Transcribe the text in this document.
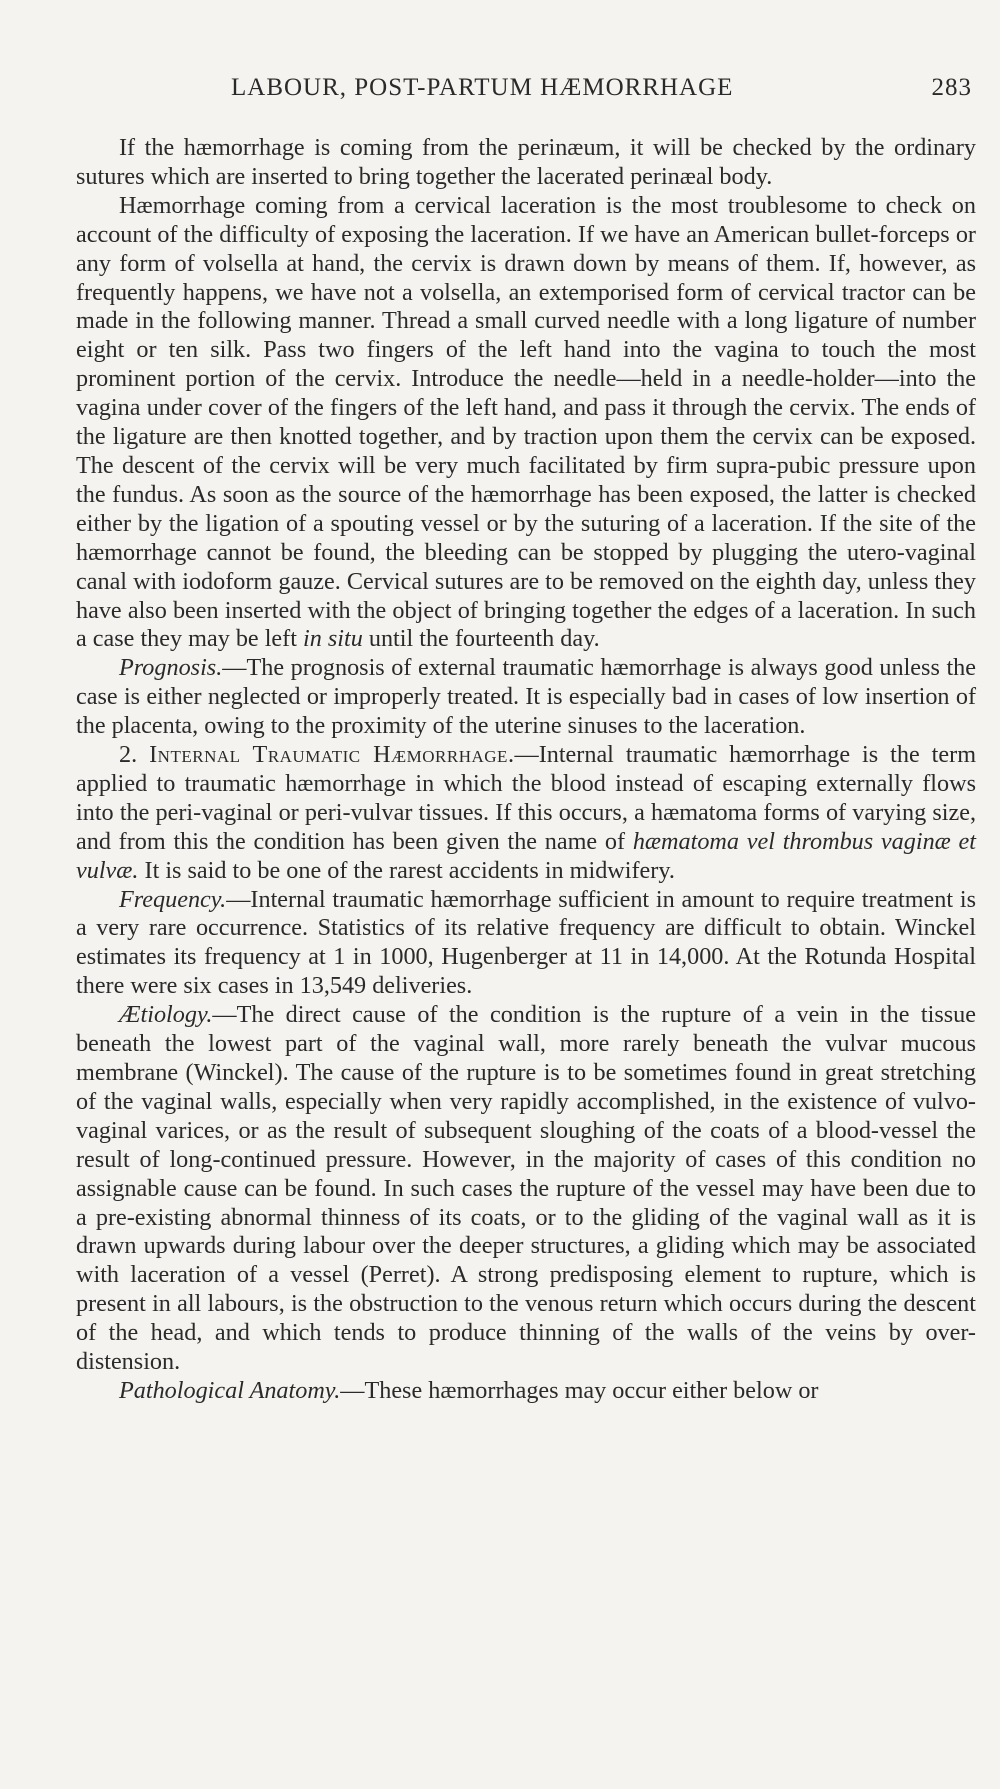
LABOUR, POST-PARTUM HÆMORRHAGE	283

If the hæmorrhage is coming from the perinæum, it will be checked by the ordinary sutures which are inserted to bring together the lacerated perinæal body.

Hæmorrhage coming from a cervical laceration is the most troublesome to check on account of the difficulty of exposing the laceration. If we have an American bullet-forceps or any form of volsella at hand, the cervix is drawn down by means of them. If, however, as frequently happens, we have not a volsella, an extemporised form of cervical tractor can be made in the following manner. Thread a small curved needle with a long ligature of number eight or ten silk. Pass two fingers of the left hand into the vagina to touch the most prominent portion of the cervix. Introduce the needle—held in a needle-holder—into the vagina under cover of the fingers of the left hand, and pass it through the cervix. The ends of the ligature are then knotted together, and by traction upon them the cervix can be exposed. The descent of the cervix will be very much facilitated by firm supra-pubic pressure upon the fundus. As soon as the source of the hæmorrhage has been exposed, the latter is checked either by the ligation of a spouting vessel or by the suturing of a laceration. If the site of the hæmorrhage cannot be found, the bleeding can be stopped by plugging the utero-vaginal canal with iodoform gauze. Cervical sutures are to be removed on the eighth day, unless they have also been inserted with the object of bringing together the edges of a laceration. In such a case they may be left in situ until the fourteenth day.

Prognosis.—The prognosis of external traumatic hæmorrhage is always good unless the case is either neglected or improperly treated. It is especially bad in cases of low insertion of the placenta, owing to the proximity of the uterine sinuses to the laceration.

2. Internal Traumatic Hæmorrhage.—Internal traumatic hæmorrhage is the term applied to traumatic hæmorrhage in which the blood instead of escaping externally flows into the peri-vaginal or peri-vulvar tissues. If this occurs, a hæmatoma forms of varying size, and from this the condition has been given the name of hæmatoma vel thrombus vaginæ et vulvæ. It is said to be one of the rarest accidents in midwifery.

Frequency.—Internal traumatic hæmorrhage sufficient in amount to require treatment is a very rare occurrence. Statistics of its relative frequency are difficult to obtain. Winckel estimates its frequency at 1 in 1000, Hugenberger at 11 in 14,000. At the Rotunda Hospital there were six cases in 13,549 deliveries.

Ætiology.—The direct cause of the condition is the rupture of a vein in the tissue beneath the lowest part of the vaginal wall, more rarely beneath the vulvar mucous membrane (Winckel). The cause of the rupture is to be sometimes found in great stretching of the vaginal walls, especially when very rapidly accomplished, in the existence of vulvo-vaginal varices, or as the result of subsequent sloughing of the coats of a blood-vessel the result of long-continued pressure. However, in the majority of cases of this condition no assignable cause can be found. In such cases the rupture of the vessel may have been due to a pre-existing abnormal thinness of its coats, or to the gliding of the vaginal wall as it is drawn upwards during labour over the deeper structures, a gliding which may be associated with laceration of a vessel (Perret). A strong predisposing element to rupture, which is present in all labours, is the obstruction to the venous return which occurs during the descent of the head, and which tends to produce thinning of the walls of the veins by over-distension.

Pathological Anatomy.—These hæmorrhages may occur either below or
